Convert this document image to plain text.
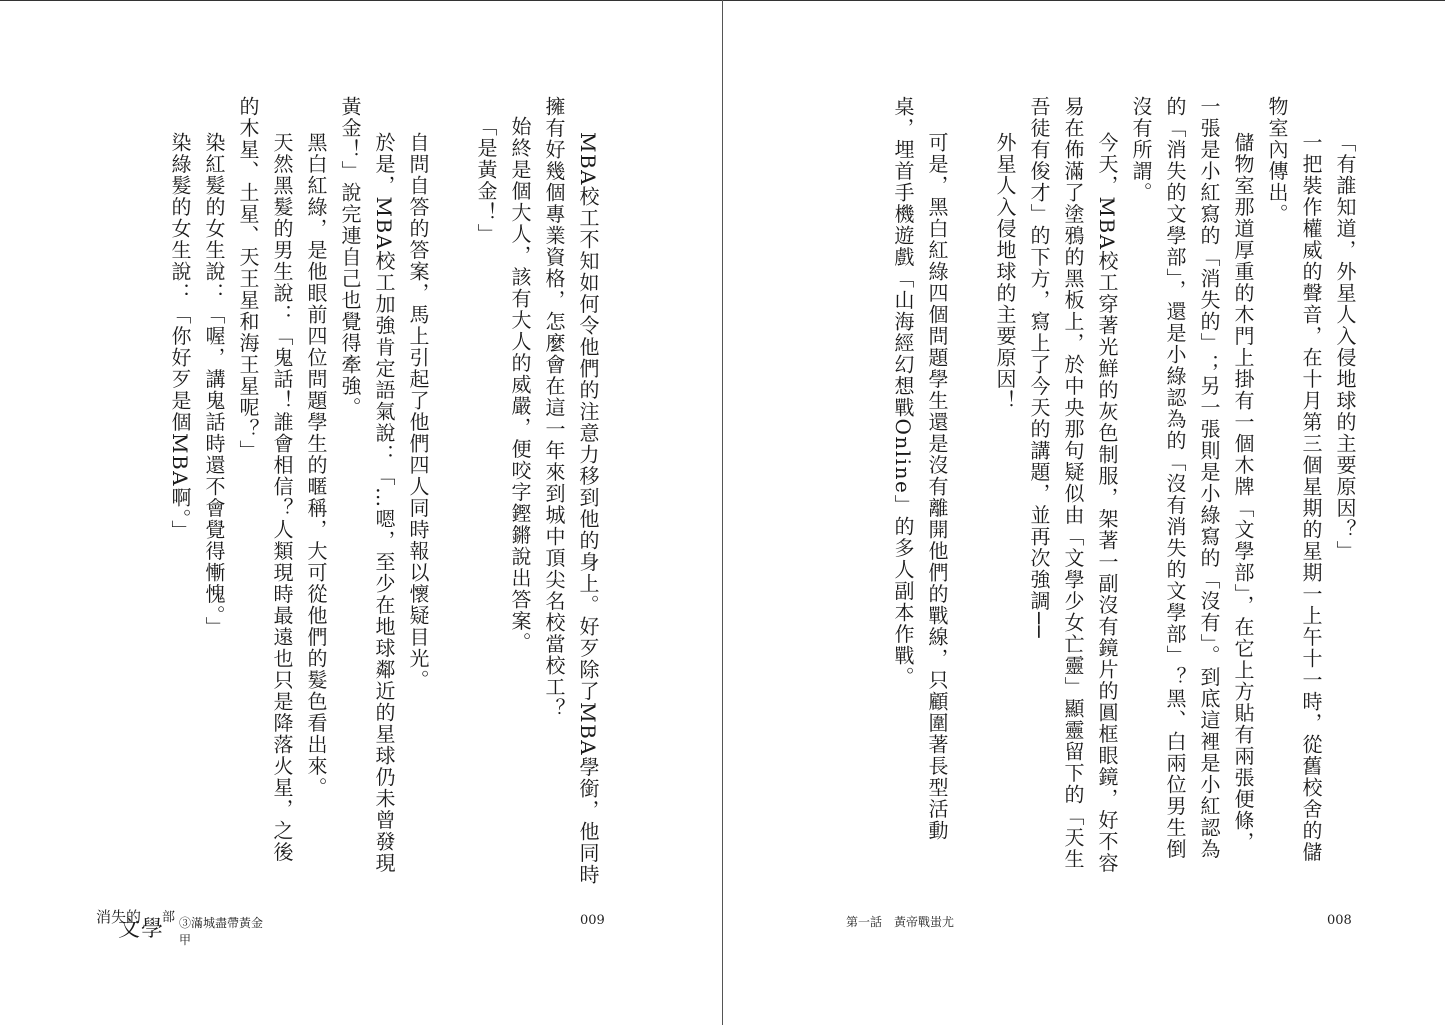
MBA校工不知如何令他們的注意力移到他的身上。好歹除了MBA學銜，他同時
擁有好幾個專業資格，怎麼會在這一年來到城中頂尖名校當校工？
始終是個大人，該有大人的威嚴，便咬字鏗鏘說出答案。
「是黃金！」
自問自答的答案，馬上引起了他們四人同時報以懷疑目光。
於是，MBA校工加強肯定語氣說：「…嗯，至少在地球鄰近的星球仍未曾發現
黃金！」說完連自己也覺得牽強。
黑白紅綠，是他眼前四位問題學生的暱稱，大可從他們的髮色看出來。
天然黑髮的男生說：「鬼話！誰會相信？人類現時最遠也只是降落火星，之後
的木星、土星、天王星和海王星呢？」
染紅髮的女生說：「喔，講鬼話時還不會覺得慚愧。」
染綠髮的女生說：「你好歹是個MBA啊。」
消失的
文學
部 ③滿城盡帶黃金甲
009
「有誰知道，外星人入侵地球的主要原因？」
一把裝作權威的聲音，在十月第三個星期的星期一上午十一時，從舊校舍的儲
物室內傳出。
儲物室那道厚重的木門上掛有一個木牌「文學部」，在它上方貼有兩張便條，
一張是小紅寫的「消失的」；另一張則是小綠寫的「沒有」。到底這裡是小紅認為
的「消失的文學部」，還是小綠認為的「沒有消失的文學部」？黑、白兩位男生倒
沒有所謂。
今天，MBA校工穿著光鮮的灰色制服，架著一副沒有鏡片的圓框眼鏡，好不容
易在佈滿了塗鴉的黑板上，於中央那句疑似由「文學少女亡靈」顯靈留下的「天生
吾徒有俊才」的下方，寫上了今天的講題，並再次強調──
外星人入侵地球的主要原因！
可是，黑白紅綠四個問題學生還是沒有離開他們的戰線，只顧圍著長型活動
桌，埋首手機遊戲「山海經幻想戰Online」的多人副本作戰。
第一話　黃帝戰蚩尤	008
